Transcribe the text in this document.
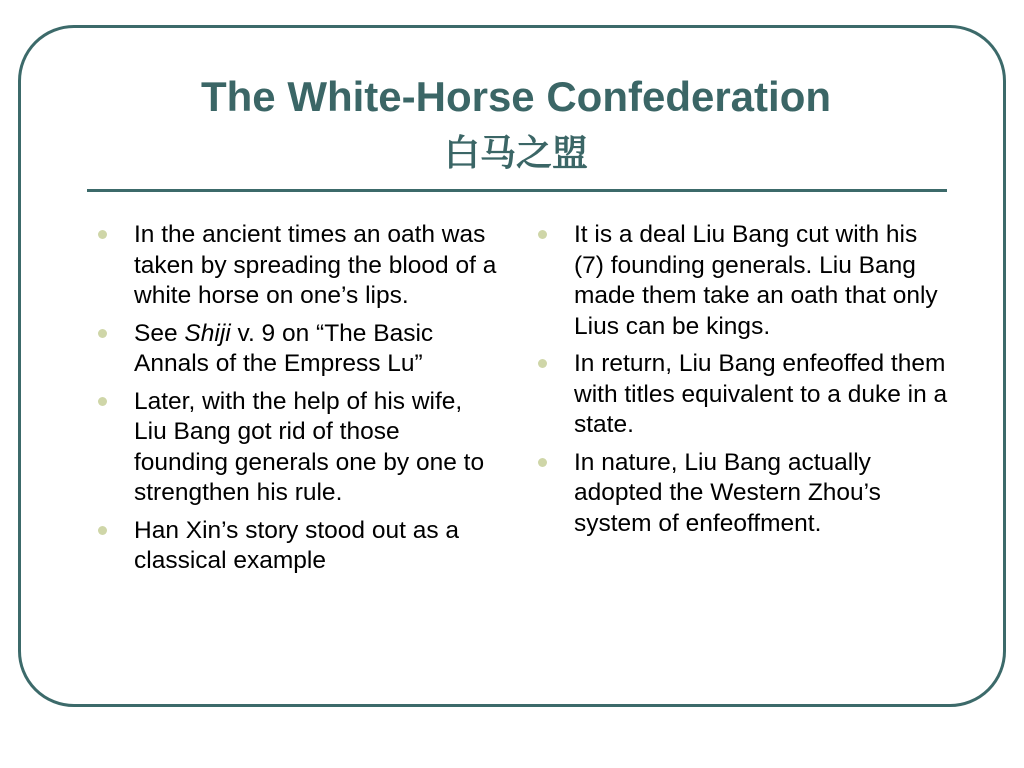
The White-Horse Confederation
白马之盟
In the ancient times an oath was taken by spreading the blood of a white horse on one’s lips.
See Shiji v. 9 on “The Basic Annals of the Empress Lu”
Later, with the help of his wife, Liu Bang got rid of those founding generals one by one to strengthen his rule.
Han Xin’s story stood out as a classical example
It is a deal Liu Bang cut with his (7) founding generals. Liu Bang made them take an oath that only Lius can be kings.
In return, Liu Bang enfeoffed them with titles equivalent to a duke in a state.
In nature, Liu Bang actually adopted the Western Zhou’s system of enfeoffment.
